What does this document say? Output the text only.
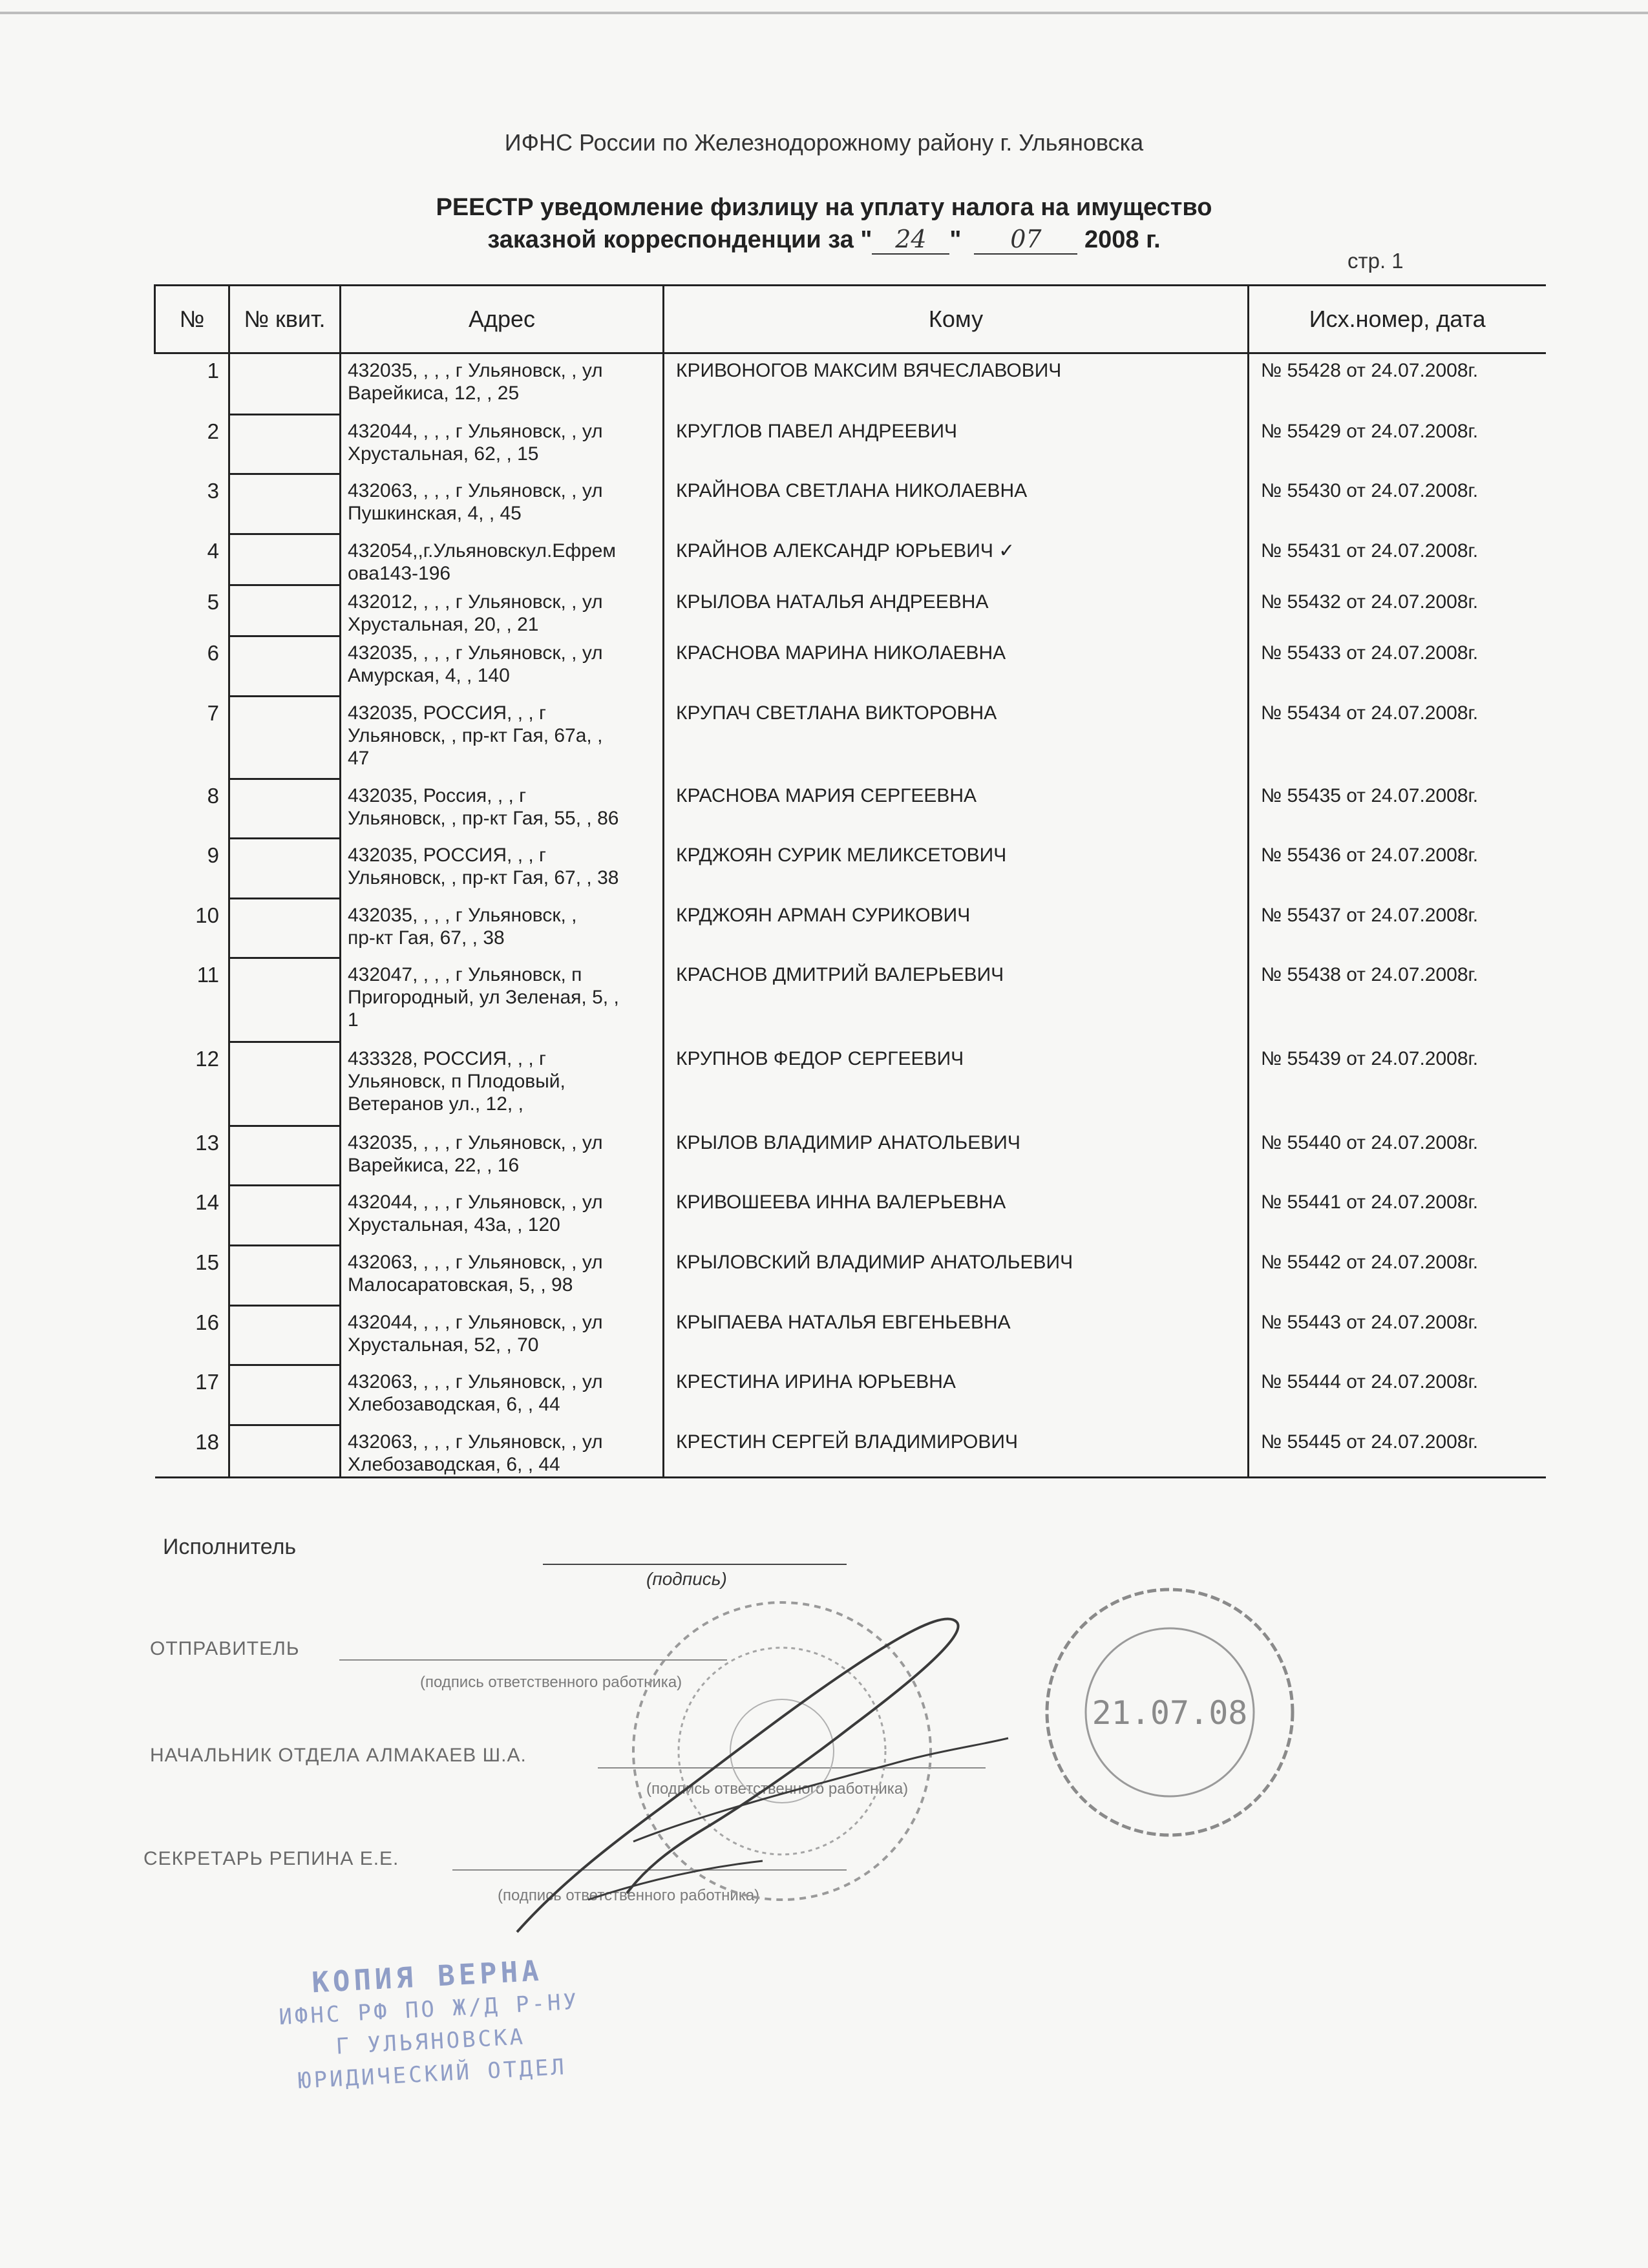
ИФНС России по Железнодорожному району г. Ульяновска
РЕЕСТР уведомление физлицу на уплату налога на имущество
заказной корреспонденции за " 24 " 07 2008 г.
стр. 1
№	№ квит.	Адрес	Кому	Исх.номер, дата
1		432035, , , , г Ульяновск, , ул
Варейкиса, 12, , 25	КРИВОНОГОВ МАКСИМ ВЯЧЕСЛАВОВИЧ	№ 55428 от 24.07.2008г.
2		432044, , , , г Ульяновск, , ул
Хрустальная, 62, , 15	КРУГЛОВ ПАВЕЛ АНДРЕЕВИЧ	№ 55429 от 24.07.2008г.
3		432063, , , , г Ульяновск, , ул
Пушкинская, 4, , 45	КРАЙНОВА СВЕТЛАНА НИКОЛАЕВНА	№ 55430 от 24.07.2008г.
4		432054,,г.Ульяновскул.Ефрем
ова143-196	КРАЙНОВ АЛЕКСАНДР ЮРЬЕВИЧ ✓	№ 55431 от 24.07.2008г.
5		432012, , , , г Ульяновск, , ул
Хрустальная, 20, , 21	КРЫЛОВА НАТАЛЬЯ АНДРЕЕВНА	№ 55432 от 24.07.2008г.
6		432035, , , , г Ульяновск, , ул
Амурская, 4, , 140	КРАСНОВА МАРИНА НИКОЛАЕВНА	№ 55433 от 24.07.2008г.
7		432035, РОССИЯ, , , г
Ульяновск, , пр-кт Гая, 67а, ,
47	КРУПАЧ СВЕТЛАНА ВИКТОРОВНА	№ 55434 от 24.07.2008г.
8		432035, Россия, , , г
Ульяновск, , пр-кт Гая, 55, , 86	КРАСНОВА МАРИЯ СЕРГЕЕВНА	№ 55435 от 24.07.2008г.
9		432035, РОССИЯ, , , г
Ульяновск, , пр-кт Гая, 67, , 38	КРДЖОЯН СУРИК МЕЛИКСЕТОВИЧ	№ 55436 от 24.07.2008г.
10		432035, , , , г Ульяновск, ,
пр-кт Гая, 67, , 38	КРДЖОЯН АРМАН СУРИКОВИЧ	№ 55437 от 24.07.2008г.
11		432047, , , , г Ульяновск, п
Пригородный, ул Зеленая, 5, ,
1	КРАСНОВ ДМИТРИЙ ВАЛЕРЬЕВИЧ	№ 55438 от 24.07.2008г.
12		433328, РОССИЯ, , , г
Ульяновск, п Плодовый,
Ветеранов ул., 12, ,	КРУПНОВ ФЕДОР СЕРГЕЕВИЧ	№ 55439 от 24.07.2008г.
13		432035, , , , г Ульяновск, , ул
Варейкиса, 22, , 16	КРЫЛОВ ВЛАДИМИР АНАТОЛЬЕВИЧ	№ 55440 от 24.07.2008г.
14		432044, , , , г Ульяновск, , ул
Хрустальная, 43а, , 120	КРИВОШЕЕВА ИННА ВАЛЕРЬЕВНА	№ 55441 от 24.07.2008г.
15		432063, , , , г Ульяновск, , ул
Малосаратовская, 5, , 98	КРЫЛОВСКИЙ ВЛАДИМИР АНАТОЛЬЕВИЧ	№ 55442 от 24.07.2008г.
16		432044, , , , г Ульяновск, , ул
Хрустальная, 52, , 70	КРЫПАЕВА НАТАЛЬЯ ЕВГЕНЬЕВНА	№ 55443 от 24.07.2008г.
17		432063, , , , г Ульяновск, , ул
Хлебозаводская, 6, , 44	КРЕСТИНА ИРИНА ЮРЬЕВНА	№ 55444 от 24.07.2008г.
18		432063, , , , г Ульяновск, , ул
Хлебозаводская, 6, , 44	КРЕСТИН СЕРГЕЙ ВЛАДИМИРОВИЧ	№ 55445 от 24.07.2008г.
Исполнитель
(подпись)
ОТПРАВИТЕЛЬ
(подпись ответственного работника)
НАЧАЛЬНИК ОТДЕЛА АЛМАКАЕВ Ш.А.
(подпись ответственного работника)
СЕКРЕТАРЬ РЕПИНА Е.Е.
(подпись ответственного работника)
21.07.08
КОПИЯ ВЕРНА
ИФНС РФ ПО Ж/Д Р-НУ
Г УЛЬЯНОВСКА
ЮРИДИЧЕСКИЙ ОТДЕЛ
